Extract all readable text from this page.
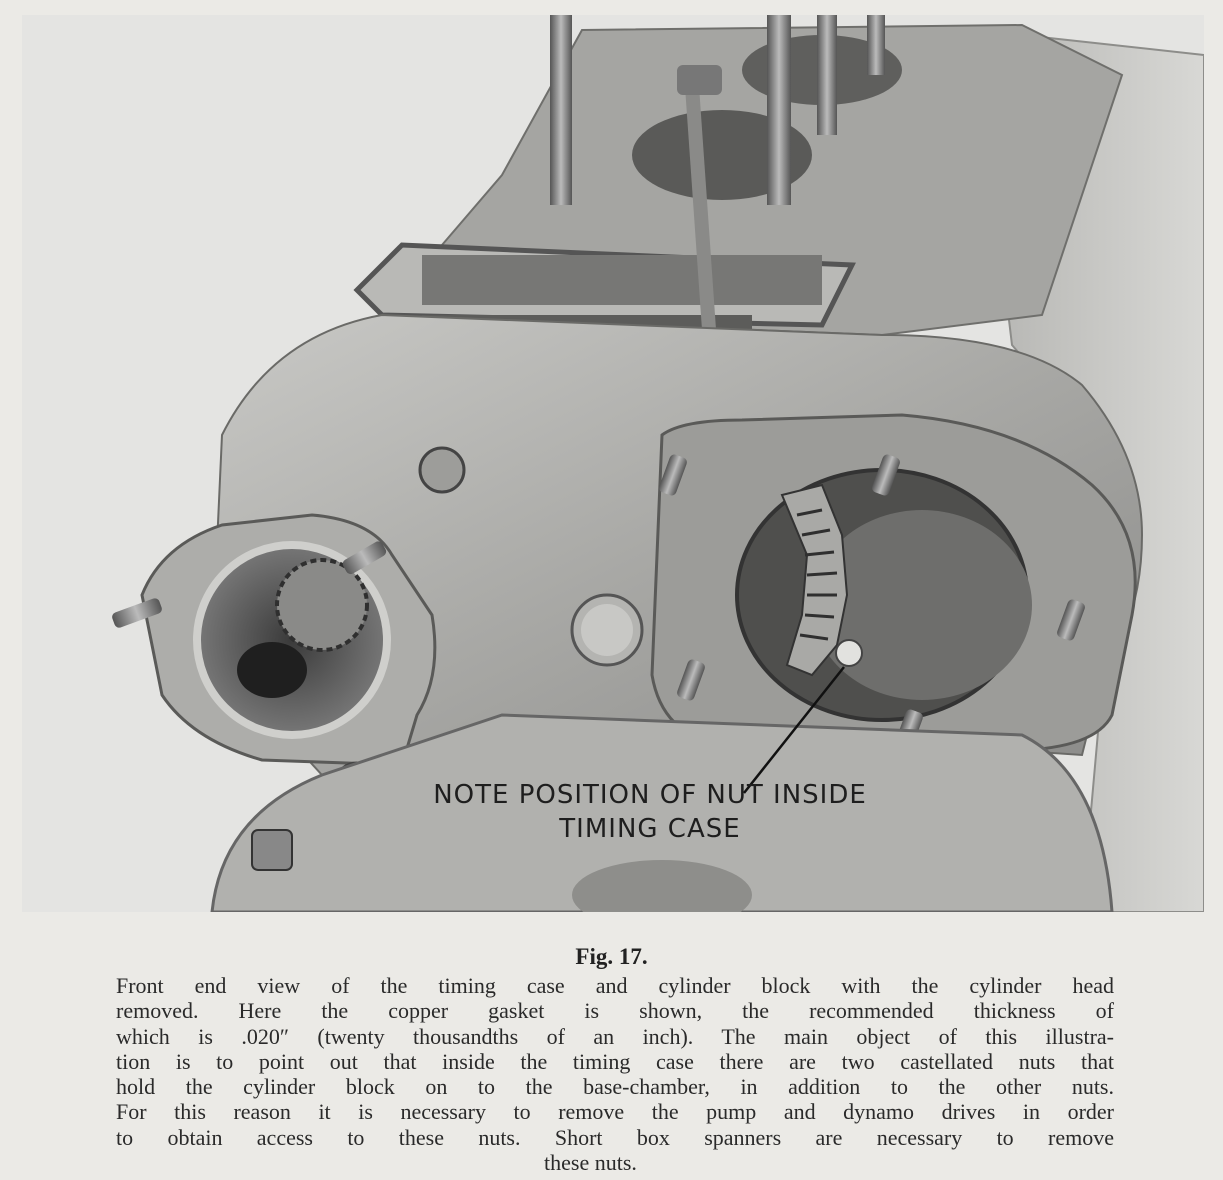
NOTE POSITION OF NUT INSIDE
TIMING CASE
Fig. 17.
Front end view of the timing case and cylinder block with the cylinder head
removed. Here the copper gasket is shown, the recommended thickness of
which is .020″ (twenty thousandths of an inch). The main object of this illustra-
tion is to point out that inside the timing case there are two castellated nuts that
hold the cylinder block on to the base-chamber, in addition to the other nuts.
For this reason it is necessary to remove the pump and dynamo drives in order
to obtain access to these nuts. Short box spanners are necessary to remove
these nuts.
